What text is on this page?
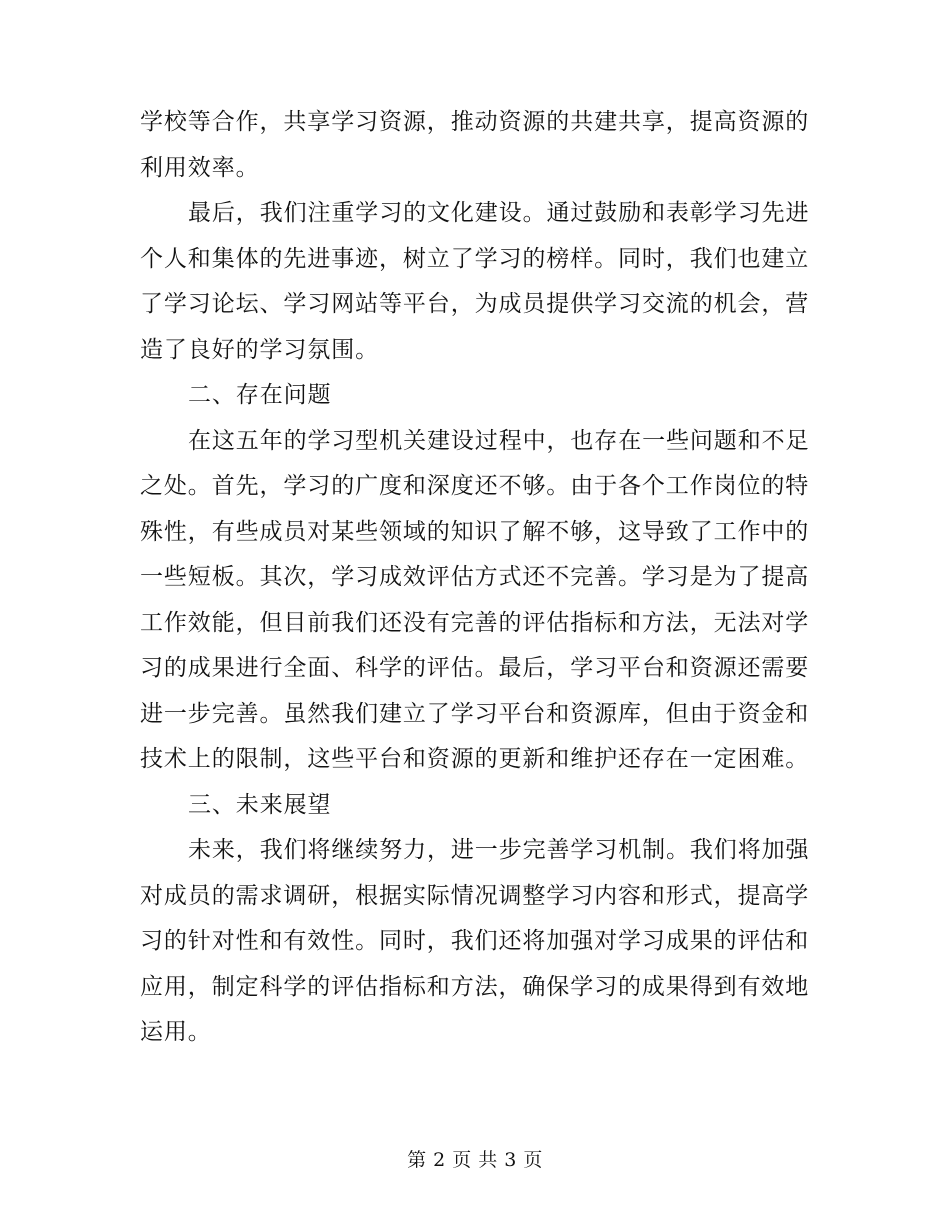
学校等合作，共享学习资源，推动资源的共建共享，提高资源的
利用效率。
最后，我们注重学习的文化建设。通过鼓励和表彰学习先进
个人和集体的先进事迹，树立了学习的榜样。同时，我们也建立
了学习论坛、学习网站等平台，为成员提供学习交流的机会，营
造了良好的学习氛围。
二、存在问题
在这五年的学习型机关建设过程中，也存在一些问题和不足
之处。首先，学习的广度和深度还不够。由于各个工作岗位的特
殊性，有些成员对某些领域的知识了解不够，这导致了工作中的
一些短板。其次，学习成效评估方式还不完善。学习是为了提高
工作效能，但目前我们还没有完善的评估指标和方法，无法对学
习的成果进行全面、科学的评估。最后，学习平台和资源还需要
进一步完善。虽然我们建立了学习平台和资源库，但由于资金和
技术上的限制，这些平台和资源的更新和维护还存在一定困难。
三、未来展望
未来，我们将继续努力，进一步完善学习机制。我们将加强
对成员的需求调研，根据实际情况调整学习内容和形式，提高学
习的针对性和有效性。同时，我们还将加强对学习成果的评估和
应用，制定科学的评估指标和方法，确保学习的成果得到有效地
运用。
第 2 页 共 3 页
